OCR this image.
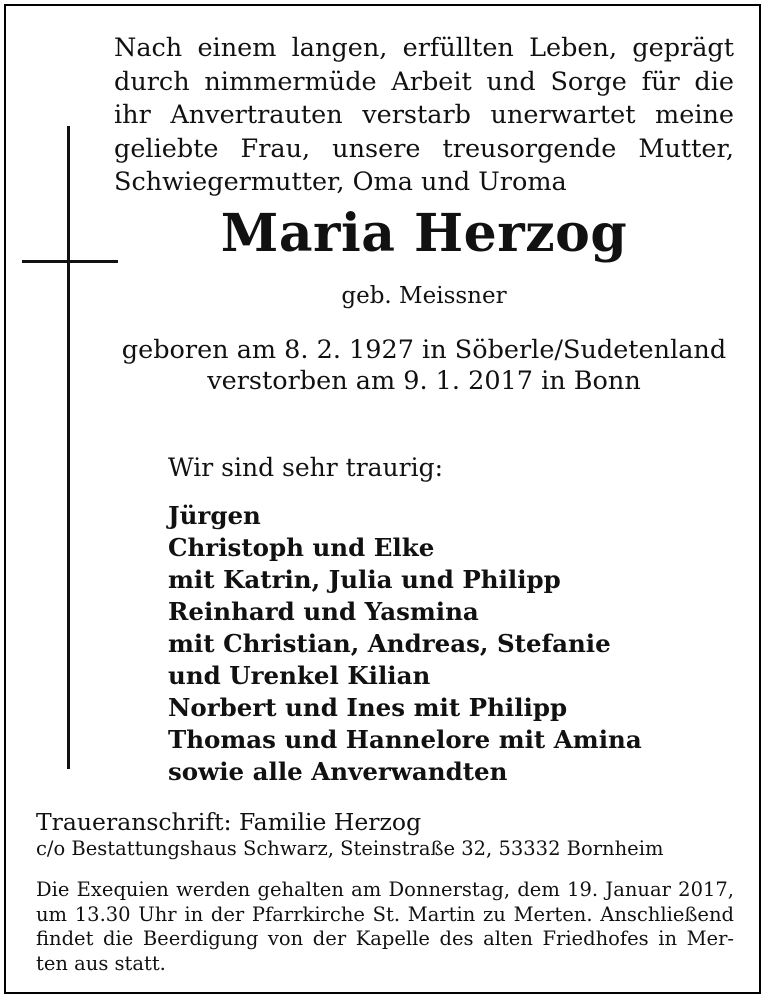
Nach einem langen, erfüllten Leben, geprägt
durch nimmermüde Arbeit und Sorge für die
ihr Anvertrauten verstarb unerwartet meine
geliebte Frau, unsere treusorgende Mutter,
Schwiegermutter, Oma und Uroma

Maria Herzog

geb. Meissner

geboren am 8. 2. 1927 in Söberle/Sudetenland
verstorben am 9. 1. 2017 in Bonn

Wir sind sehr traurig:

Jürgen
Christoph und Elke
mit Katrin, Julia und Philipp
Reinhard und Yasmina
mit Christian, Andreas, Stefanie
und Urenkel Kilian
Norbert und Ines mit Philipp
Thomas und Hannelore mit Amina
sowie alle Anverwandten

Traueranschrift: Familie Herzog

c/o Bestattungshaus Schwarz, Steinstraße 32, 53332 Bornheim

Die Exequien werden gehalten am Donnerstag, dem 19. Januar 2017,
um 13.30 Uhr in der Pfarrkirche St. Martin zu Merten. Anschließend
findet die Beerdigung von der Kapelle des alten Friedhofes in Mer-
ten aus statt.
